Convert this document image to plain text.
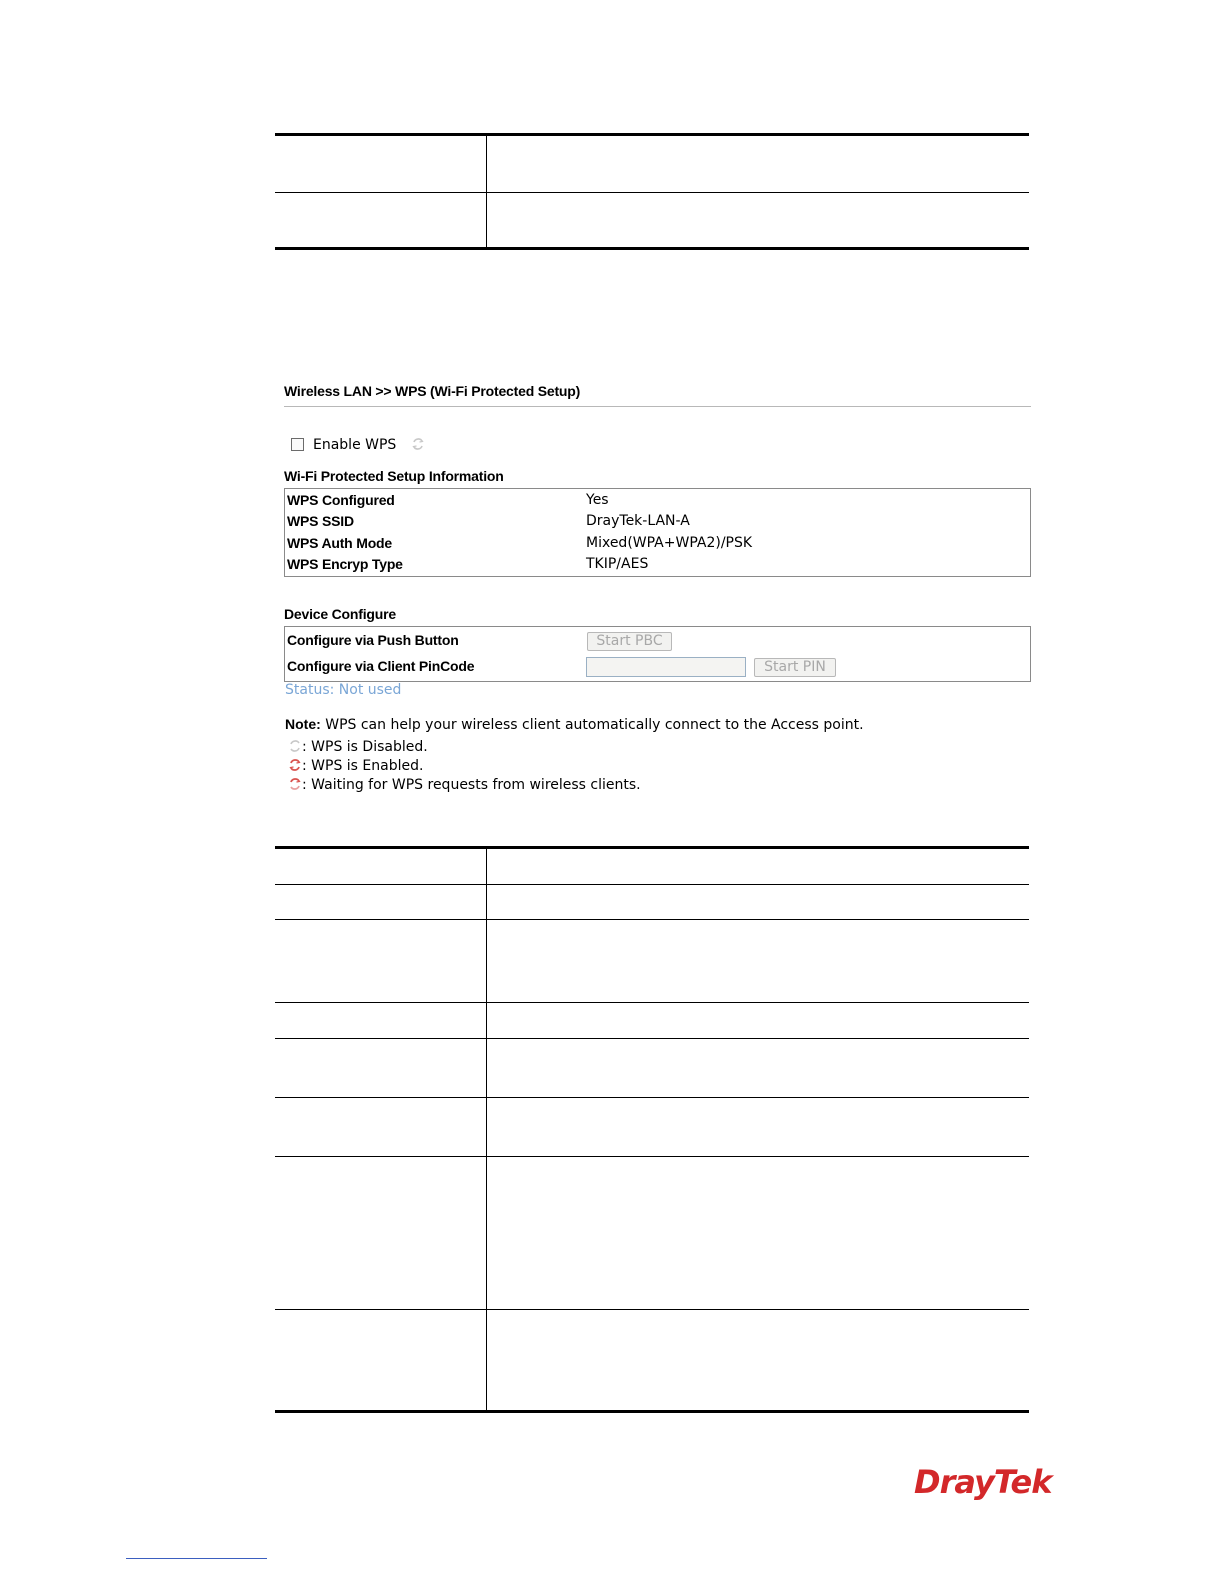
Wireless LAN >> WPS (Wi-Fi Protected Setup)
Enable WPS
Wi-Fi Protected Setup Information
WPS Configured	Yes
WPS SSID	DrayTek-LAN-A
WPS Auth Mode	Mixed(WPA+WPA2)/PSK
WPS Encryp Type	TKIP/AES
Device Configure
Configure via Push Button	Start PBC
Configure via Client PinCode	Start PIN
Status: Not used
Note: WPS can help your wireless client automatically connect to the Access point.
: WPS is Disabled.
: WPS is Enabled.
: Waiting for WPS requests from wireless clients.
DrayTek
